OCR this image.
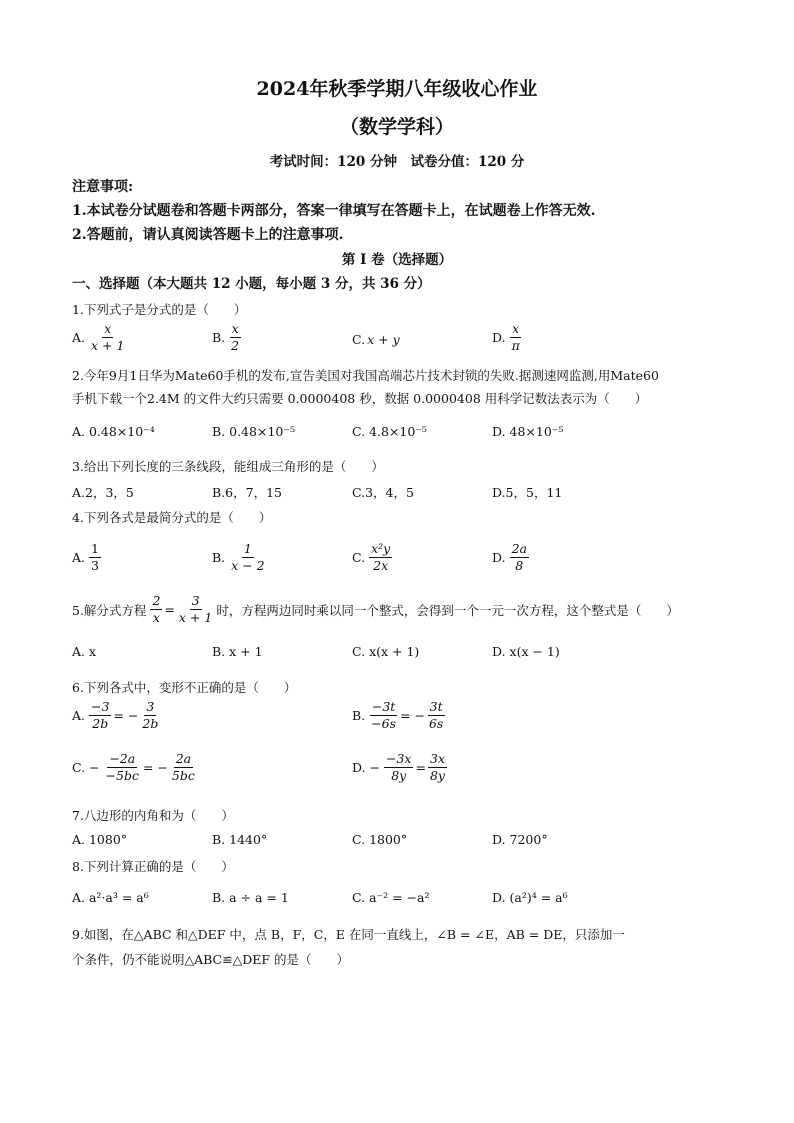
2024年秋季学期八年级收心作业
（数学学科）
考试时间：120 分钟　试卷分值：120 分
注意事项:
1.本试卷分试题卷和答题卡两部分，答案一律填写在答题卡上，在试题卷上作答无效.
2.答题前，请认真阅读答题卡上的注意事项.
第 I 卷（选择题）
一、选择题（本大题共 12 小题，每小题 3 分，共 36 分）
1.下列式子是分式的是（　　）
A. $\frac{x}{x + 1}$	B. $\frac{x}{2}$	C. x + y	D. $\frac{x}{\pi}$
2.今年9月1日华为Mate60手机的发布,宣告美国对我国高端芯片技术封锁的失败.据测速网监测,用Mate60
手机下载一个2.4M 的文件大约只需要 0.0000408 秒，数据 0.0000408 用科学记数法表示为（　　）
A. 0.48×10⁻⁴	B. 0.48×10⁻⁵	C. 4.8×10⁻⁵	D. 48×10⁻⁵
3.给出下列长度的三条线段，能组成三角形的是（　　）
A.2，3，5	B.6，7，15	C.3，4，5	D.5，5，11
4.下列各式是最简分式的是（　　）
A. $\frac{1}{3}$	B. $\frac{1}{x - 2}$	C. $\frac{\text{x²y}}{2x}$	D. $\frac{2a}{8}$
5.解分式方程 $\frac{2}{x} = \frac{3}{x + 1}$ 时，方程两边同时乘以同一个整式，会得到一个一元一次方程，这个整式是（　　）
A. x	B. x + 1	C. x(x + 1)	D. x(x − 1)
6.下列各式中，变形不正确的是（　　）
A. $\frac{-3}{2b}$ = − $\frac{3}{2b}$	B. $\frac{-3t}{-6s}$ = − $\frac{3t}{6s}$
C. − $\frac{-2a}{-5bc}$ = − $\frac{2a}{5bc}$	D. − $\frac{-3x}{8y} = \frac{3x}{8y}$
7.八边形的内角和为（　　）
A. 1080°	B. 1440°	C. 1800°	D. 7200°
8.下列计算正确的是（　　）
A. a²·a³ = a⁶	B. a ÷ a = 1	C. a⁻² = −a²	D. (a²)⁴ = a⁶
9.如图，在△ABC 和△DEF 中，点 B，F，C，E 在同一直线上，∠B = ∠E，AB = DE，只添加一
个条件，仍不能说明△ABC≌△DEF 的是（　　）
